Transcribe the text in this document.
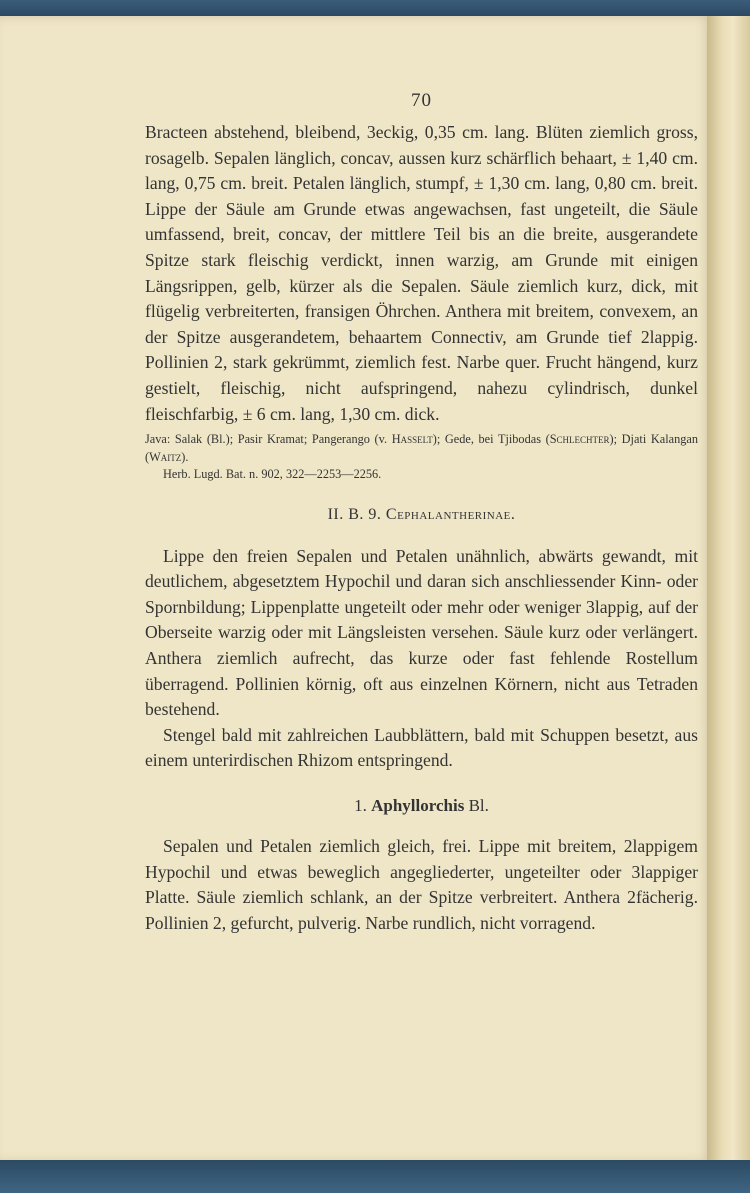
70

Bracteen abstehend, bleibend, 3eckig, 0,35 cm. lang. Blüten ziemlich gross, rosagelb. Sepalen länglich, concav, aussen kurz schärflich behaart, ± 1,40 cm. lang, 0,75 cm. breit. Petalen länglich, stumpf, ± 1,30 cm. lang, 0,80 cm. breit. Lippe der Säule am Grunde etwas angewachsen, fast ungeteilt, die Säule umfassend, breit, concav, der mittlere Teil bis an die breite, ausgerandete Spitze stark fleischig verdickt, innen warzig, am Grunde mit einigen Längsrippen, gelb, kürzer als die Sepalen. Säule ziemlich kurz, dick, mit flügelig verbreiterten, fransigen Öhrchen. Anthera mit breitem, convexem, an der Spitze ausgerandetem, behaartem Connectiv, am Grunde tief 2lappig. Pollinien 2, stark gekrümmt, ziemlich fest. Narbe quer. Frucht hängend, kurz gestielt, fleischig, nicht aufspringend, nahezu cylindrisch, dunkel fleischfarbig, ± 6 cm. lang, 1,30 cm. dick.

Java: Salak (Bl.); Pasir Kramat; Pangerango (v. Hasselt); Gede, bei Tjibodas (Schlechter); Djati Kalangan (Waitz).

Herb. Lugd. Bat. n. 902, 322—2253—2256.

II. B. 9. Cephalantherinae.

Lippe den freien Sepalen und Petalen unähnlich, abwärts gewandt, mit deutlichem, abgesetztem Hypochil und daran sich anschliessender Kinn- oder Spornbildung; Lippenplatte ungeteilt oder mehr oder weniger 3lappig, auf der Oberseite warzig oder mit Längsleisten versehen. Säule kurz oder verlängert. Anthera ziemlich aufrecht, das kurze oder fast fehlende Rostellum überragend. Pollinien körnig, oft aus einzelnen Körnern, nicht aus Tetraden bestehend.

Stengel bald mit zahlreichen Laubblättern, bald mit Schuppen besetzt, aus einem unterirdischen Rhizom entspringend.

1. Aphyllorchis Bl.

Sepalen und Petalen ziemlich gleich, frei. Lippe mit breitem, 2lappigem Hypochil und etwas beweglich angegliederter, ungeteilter oder 3lappiger Platte. Säule ziemlich schlank, an der Spitze verbreitert. Anthera 2fächerig. Pollinien 2, gefurcht, pulverig. Narbe rundlich, nicht vorragend.
